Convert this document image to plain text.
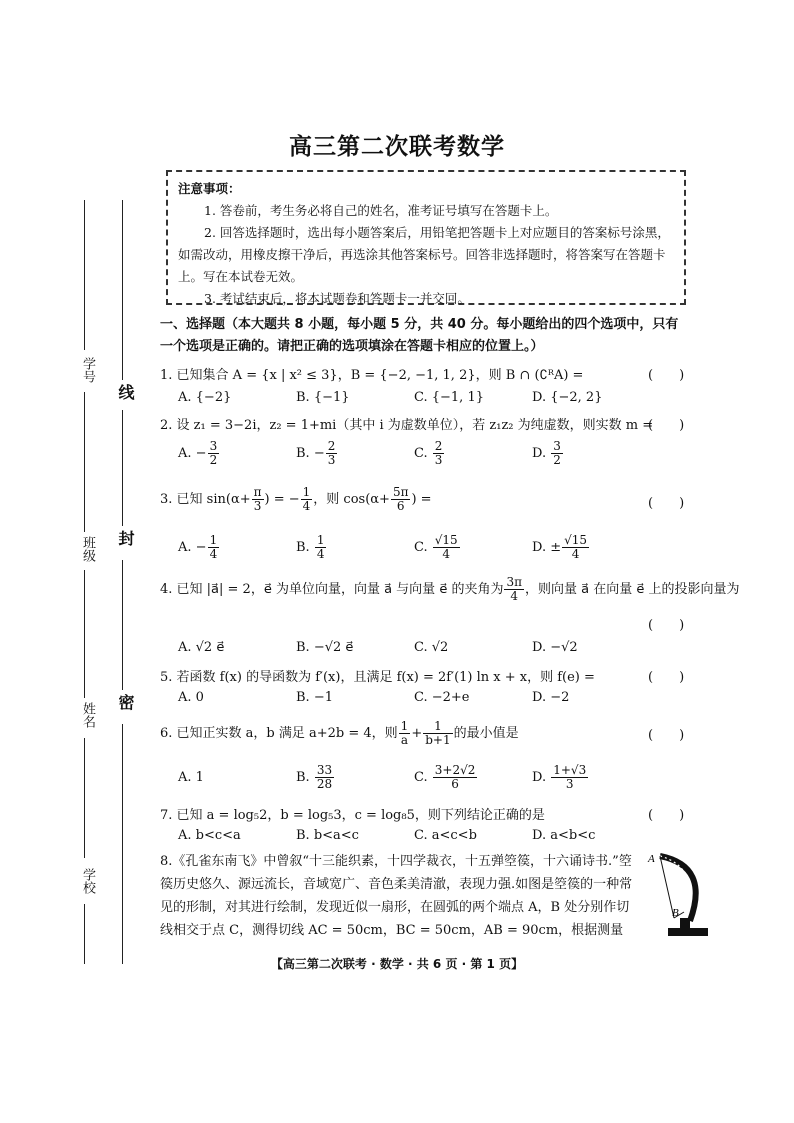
学号
班级
姓名
学校
线
封
密
高三第二次联考数学
注意事项：

1. 答卷前，考生务必将自己的姓名，准考证号填写在答题卡上。

2. 回答选择题时，选出每小题答案后，用铅笔把答题卡上对应题目的答案标号涂黑，如需改动，用橡皮擦干净后，再选涂其他答案标号。回答非选择题时，将答案写在答题卡上。写在本试卷无效。

3. 考试结束后，将本试题卷和答题卡一并交回。

一、选择题（本大题共 8 小题，每小题 5 分，共 40 分。每小题给出的四个选项中，只有一个选项是正确的。请把正确的选项填涂在答题卡相应的位置上。）
1. 已知集合 A = {x | x² ≤ 3}，B = {−2, −1, 1, 2}，则 B ∩ (∁ᴿA) =	(　　)
A. {−2}	B. {−1}	C. {−1, 1}	D. {−2, 2}
2. 设 z₁ = 3−2i，z₂ = 1+mi（其中 i 为虚数单位），若 z₁z₂ 为纯虚数，则实数 m =
(　　)
A. − $\frac{3}{2}$	B. − $\frac{2}{3}$	C. $\frac{2}{3}$	D. $\frac{3}{2}$
3. 已知 $\sin(\alpha+ \frac{\pi}{3}$ ) = − $\frac{1}{4}$ ，则 $\cos(\alpha+ \frac{5\pi}{6}$ ) =	(　　)
A. − $\frac{1}{4}$	B. $\frac{1}{4}$	C. $\frac{√15}{4}$	D. ± $\frac{√15}{4}$
4. 已知 |a⃗| = 2，e⃗ 为单位向量，向量 a⃗ 与向量 e⃗ 的夹角为 $\frac{3\pi}{4}$ ，则向量 a⃗ 在向量 e⃗ 上的投影向量为
(　　)
A. √2 e⃗	B. −√2 e⃗	C. √2	D. −√2
5. 若函数 f(x) 的导函数为 f′(x)，且满足 f(x) = 2f′(1) ln x + x，则 f(e) =	(　　)
A. 0	B. −1	C. −2+e	D. −2
6. 已知正实数 a，b 满足 a+2b = 4，则 $\frac{1}{a} + \frac{1}{b+1}$ 的最小值是	(　　)
A. 1	B. $\frac{33}{28}$	C. $\frac{3+2√2}{6}$	D. $\frac{1+√3}{3}$
7. 已知 a = log₅2，b = log₅3，c = log₈5，则下列结论正确的是	(　　)
A. b<c<a	B. b<a<c	C. a<c<b	D. a<b<c
8.《孔雀东南飞》中曾叙“十三能织素，十四学裁衣，十五弹箜篌，十六诵诗书.”箜篌历史悠久、源远流长，音域宽广、音色柔美清澈，表现力强.如图是箜篌的一种常见的形制，对其进行绘制，发现近似一扇形，在圆弧的两个端点 A，B 处分别作切线相交于点 C，测得切线 AC = 50cm，BC = 50cm，AB = 90cm，根据测量
A
B
【高三第二次联考 · 数学 · 共 6 页 · 第 1 页】
